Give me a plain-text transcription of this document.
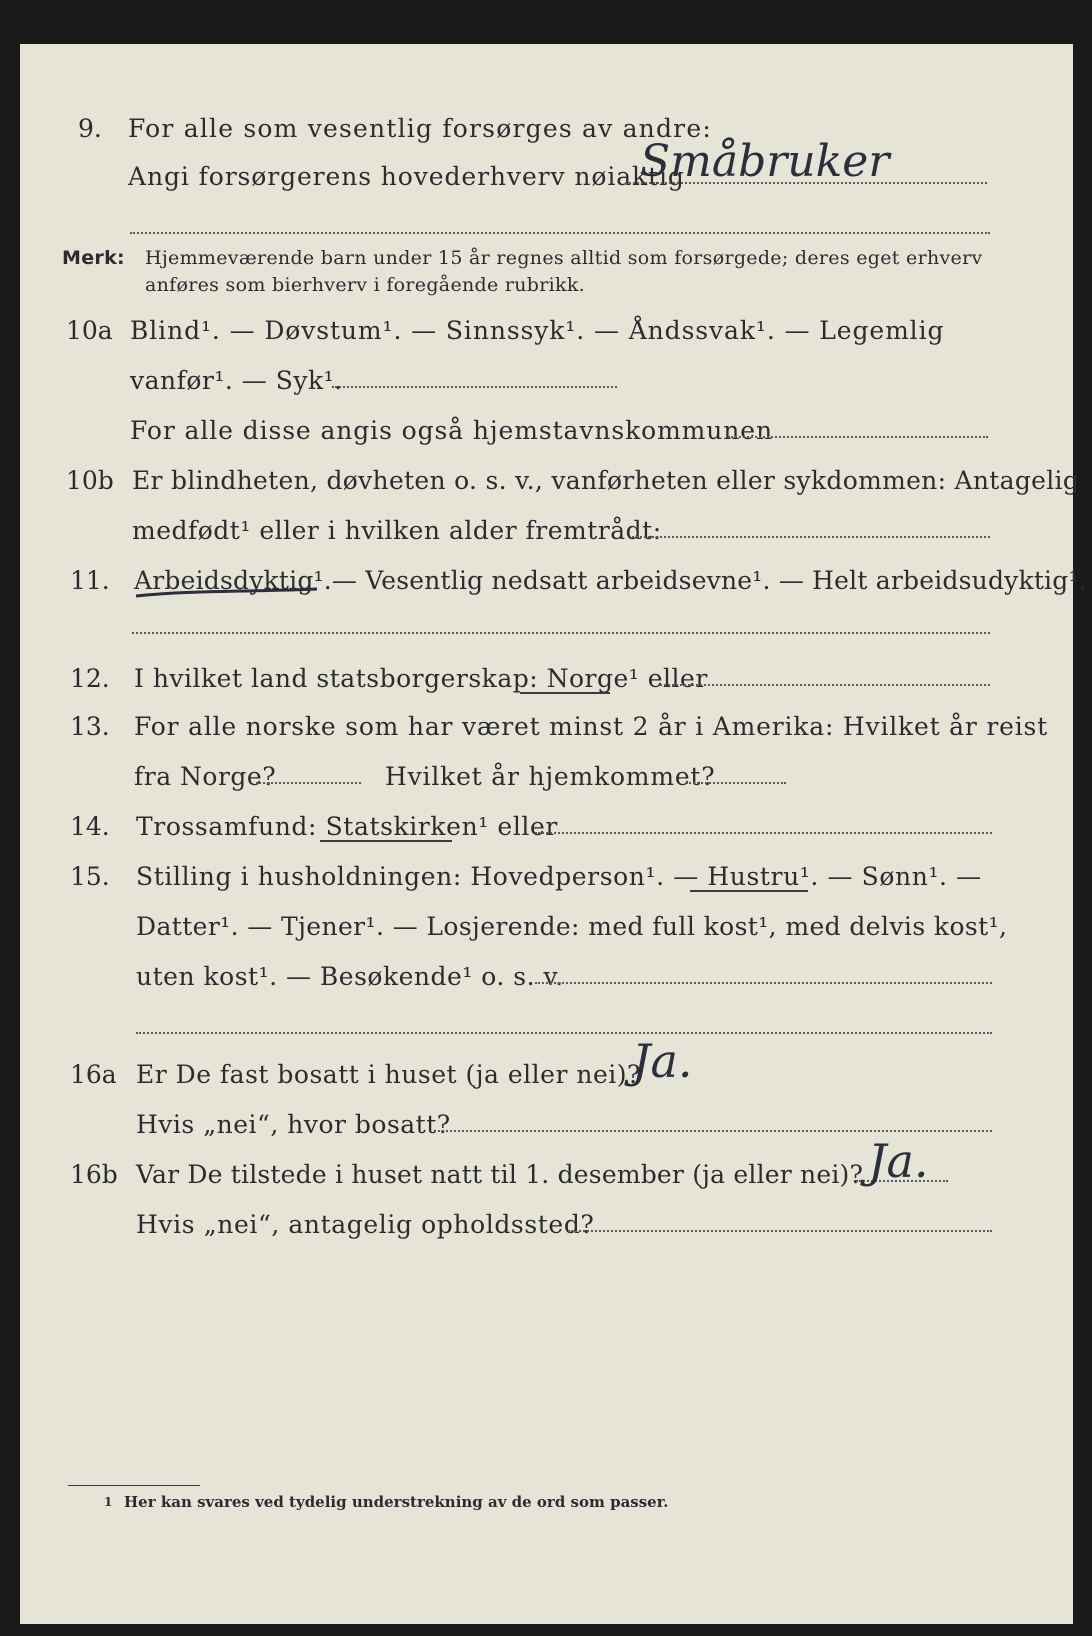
9. For alle som vesentlig forsørges av andre:
Angi forsørgerens hovederhverv nøiaktig
Småbruker
Merk: Hjemmeværende barn under 15 år regnes alltid som forsørgede; deres eget erhverv
anføres som bierhverv i foregående rubrikk.
10a Blind¹. — Døvstum¹. — Sinnssyk¹. — Åndssvak¹. — Legemlig
vanfør¹. — Syk¹.
For alle disse angis også hjemstavnskommunen
10b Er blindheten, døvheten o. s. v., vanførheten eller sykdommen: Antagelig
medfødt¹ eller i hvilken alder fremtrådt:
11. Arbeidsdyktig¹.— Vesentlig nedsatt arbeidsevne¹. — Helt arbeidsudyktig¹.
12. I hvilket land statsborgerskap: Norge¹ eller
13. For alle norske som har været minst 2 år i Amerika: Hvilket år reist
fra Norge?	Hvilket år hjemkommet?
14. Trossamfund: Statskirken¹ eller
15. Stilling i husholdningen: Hovedperson¹. — Hustru¹. — Sønn¹. —
Datter¹. — Tjener¹. — Losjerende: med full kost¹, med delvis kost¹,
uten kost¹. — Besøkende¹ o. s. v.
16a Er De fast bosatt i huset (ja eller nei)?
Ja.
Hvis „nei“, hvor bosatt?
16b Var De tilstede i huset natt til 1. desember (ja eller nei)? Ja.
Hvis „nei“, antagelig opholdssted?
1 Her kan svares ved tydelig understrekning av de ord som passer.
